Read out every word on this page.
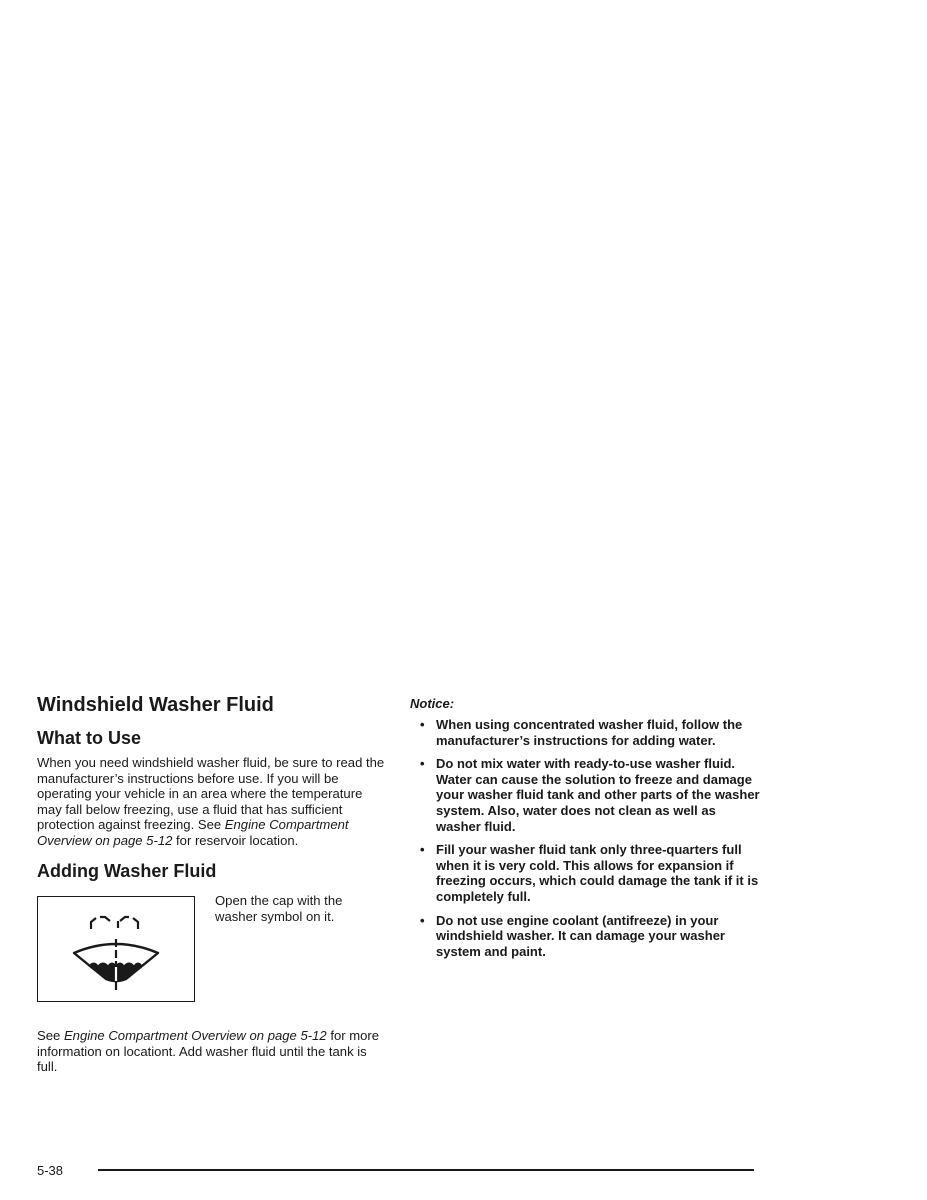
Windshield Washer Fluid
What to Use

When you need windshield washer fluid, be sure to read the manufacturer’s instructions before use. If you will be operating your vehicle in an area where the temperature may fall below freezing, use a fluid that has sufficient protection against freezing. See Engine Compartment Overview on page 5-12 for reservoir location.

Adding Washer Fluid

Open the cap with the washer symbol on it.

See Engine Compartment Overview on page 5-12 for more information on locationt. Add washer fluid until the tank is full.

Notice:

• When using concentrated washer fluid, follow the manufacturer’s instructions for adding water.
• Do not mix water with ready-to-use washer fluid. Water can cause the solution to freeze and damage your washer fluid tank and other parts of the washer system. Also, water does not clean as well as washer fluid.
• Fill your washer fluid tank only three-quarters full when it is very cold. This allows for expansion if freezing occurs, which could damage the tank if it is completely full.
• Do not use engine coolant (antifreeze) in your windshield washer. It can damage your washer system and paint.
5-38
